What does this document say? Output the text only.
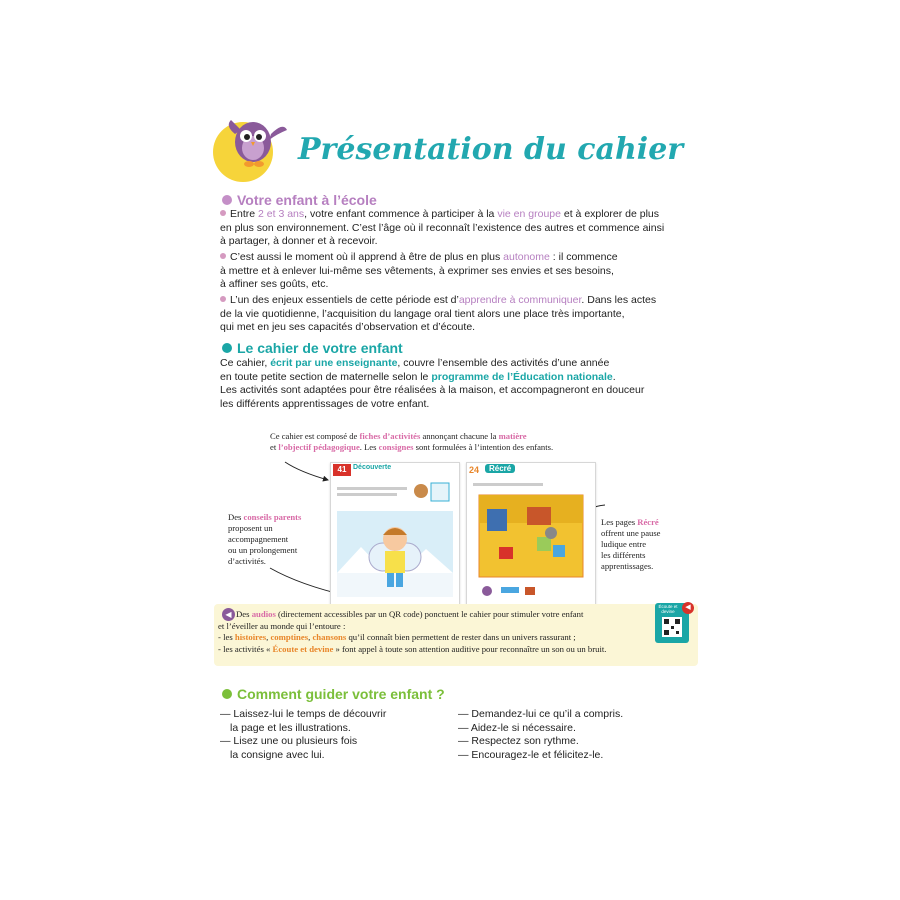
Présentation du cahier
Votre enfant à l’école
Entre 2 et 3 ans, votre enfant commence à participer à la vie en groupe et à explorer de plus
en plus son environnement. C’est l’âge où il reconnaît l’existence des autres et commence ainsi
à partager, à donner et à recevoir.
C’est aussi le moment où il apprend à être de plus en plus autonome : il commence
à mettre et à enlever lui-même ses vêtements, à exprimer ses envies et ses besoins,
à affiner ses goûts, etc.
L’un des enjeux essentiels de cette période est d’apprendre à communiquer. Dans les actes
de la vie quotidienne, l’acquisition du langage oral tient alors une place très importante,
qui met en jeu ses capacités d’observation et d’écoute.
Le cahier de votre enfant
Ce cahier, écrit par une enseignante, couvre l’ensemble des activités d’une année
en toute petite section de maternelle selon le programme de l’Éducation nationale.
Les activités sont adaptées pour être réalisées à la maison, et accompagneront en douceur
les différents apprentissages de votre enfant.
Ce cahier est composé de fiches d’activités annonçant chacune la matière
et l’objectif pédagogique. Les consignes sont formulées à l’intention des enfants.
Des conseils parents
proposent un
accompagnement
ou un prolongement
d’activités.
Les pages Récré
offrent une pause
ludique entre
les différents
apprentissages.
41 Découverte	24	Récré
◀ Des audios (directement accessibles par un QR code) ponctuent le cahier pour stimuler votre enfant
et l’éveiller au monde qui l’entoure :
- les histoires, comptines, chansons qu’il connaît bien permettent de rester dans un univers rassurant ;
- les activités « Écoute et devine » font appel à toute son attention auditive pour reconnaître un son ou un bruit.
Écoute et devine
◀
Comment guider votre enfant ?
— Laissez-lui le temps de découvrir
la page et les illustrations.
— Lisez une ou plusieurs fois
la consigne avec lui.
— Demandez-lui ce qu’il a compris.
— Aidez-le si nécessaire.
— Respectez son rythme.
— Encouragez-le et félicitez-le.
